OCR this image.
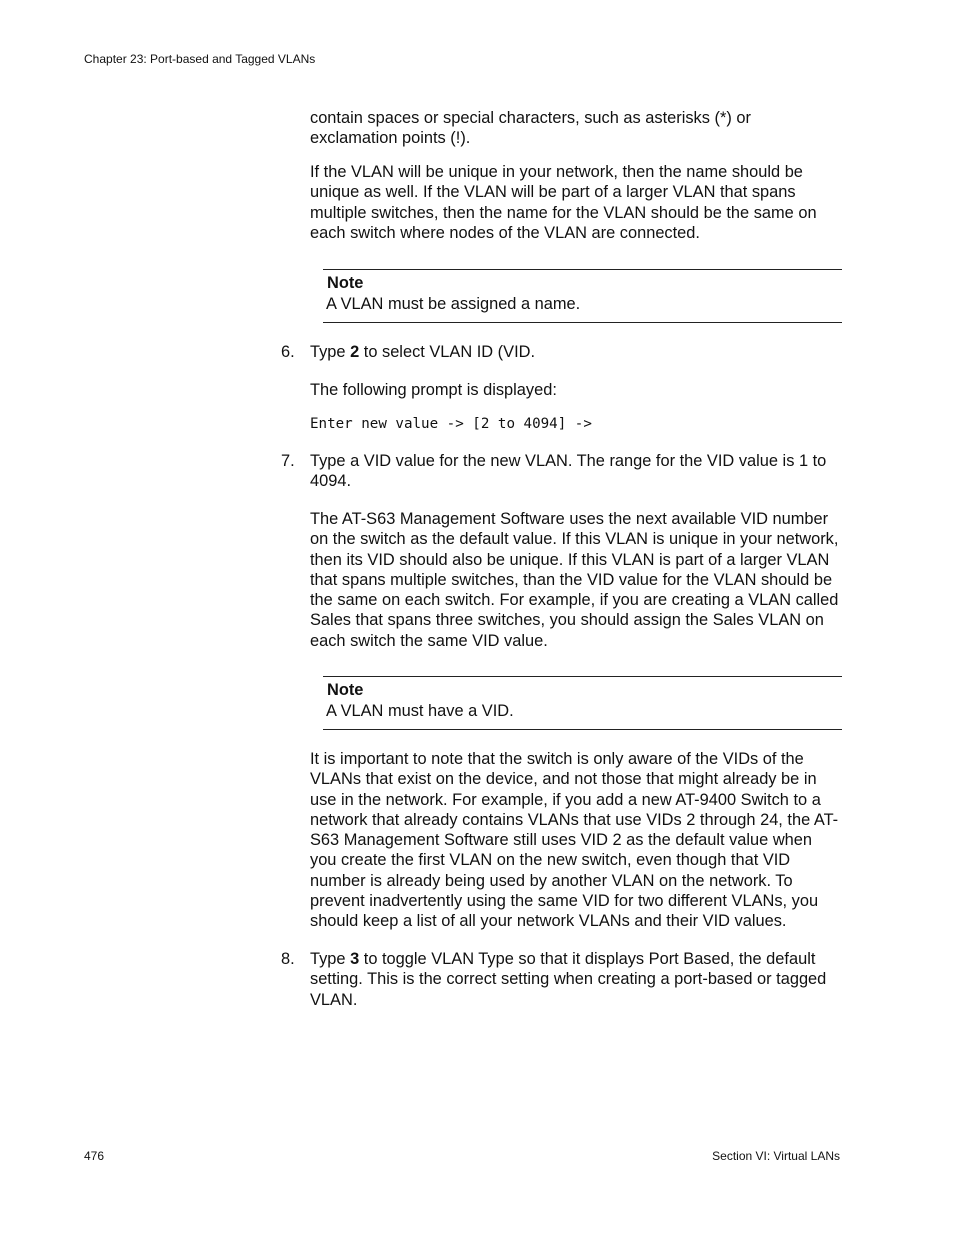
Chapter 23: Port-based and Tagged VLANs

contain spaces or special characters, such as asterisks (*) or exclamation points (!).

If the VLAN will be unique in your network, then the name should be unique as well. If the VLAN will be part of a larger VLAN that spans multiple switches, then the name for the VLAN should be the same on each switch where nodes of the VLAN are connected.

Note
A VLAN must be assigned a name.
6. Type 2 to select VLAN ID (VID.

The following prompt is displayed:

Enter new value -> [2 to 4094] ->
7. Type a VID value for the new VLAN. The range for the VID value is 1 to 4094.

The AT-S63 Management Software uses the next available VID number on the switch as the default value. If this VLAN is unique in your network, then its VID should also be unique. If this VLAN is part of a larger VLAN that spans multiple switches, than the VID value for the VLAN should be the same on each switch. For example, if you are creating a VLAN called Sales that spans three switches, you should assign the Sales VLAN on each switch the same VID value.

Note
A VLAN must have a VID.

It is important to note that the switch is only aware of the VIDs of the VLANs that exist on the device, and not those that might already be in use in the network. For example, if you add a new AT-9400 Switch to a network that already contains VLANs that use VIDs 2 through 24, the AT-S63 Management Software still uses VID 2 as the default value when you create the first VLAN on the new switch, even though that VID number is already being used by another VLAN on the network. To prevent inadvertently using the same VID for two different VLANs, you should keep a list of all your network VLANs and their VID values.

8. Type 3 to toggle VLAN Type so that it displays Port Based, the default setting. This is the correct setting when creating a port-based or tagged VLAN.
476	Section VI: Virtual LANs
